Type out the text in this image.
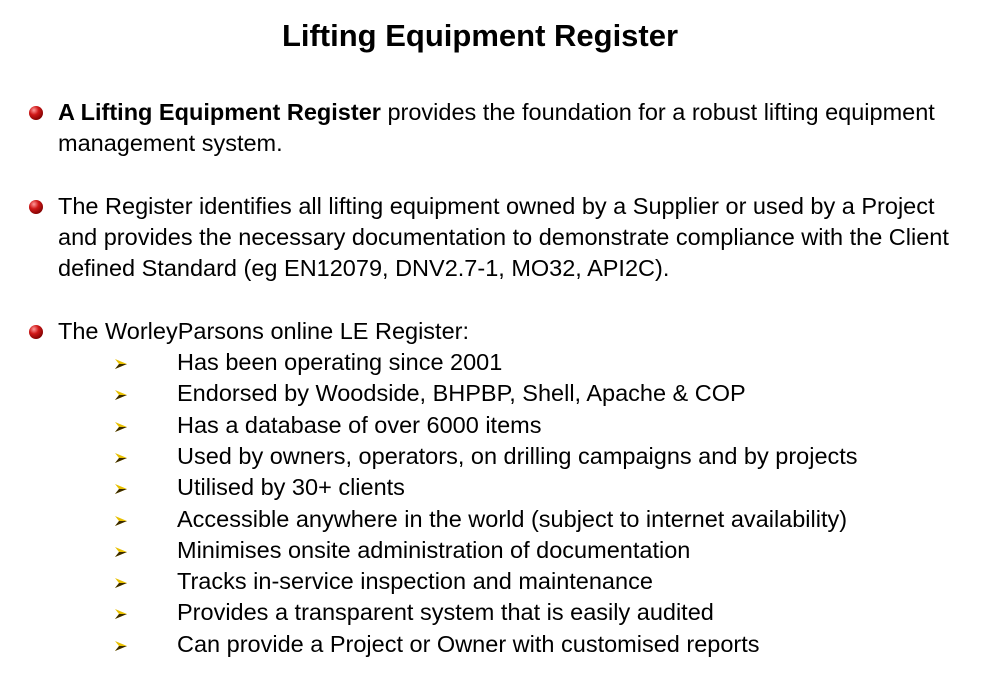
Lifting Equipment Register
A Lifting Equipment Register provides the foundation for a robust lifting equipment management system.
The Register identifies all lifting equipment owned by a Supplier or used by a Project and provides the necessary documentation to demonstrate compliance with the Client defined Standard (eg EN12079, DNV2.7-1, MO32, API2C).
The WorleyParsons online LE Register:
Has been operating since 2001
Endorsed by Woodside, BHPBP, Shell, Apache & COP
Has a database of over 6000 items
Used by owners, operators, on drilling campaigns and by projects
Utilised by 30+ clients
Accessible anywhere in the world (subject to internet availability)
Minimises onsite administration of documentation
Tracks in-service inspection and maintenance
Provides a transparent system that is easily audited
Can provide a Project or Owner with customised reports
